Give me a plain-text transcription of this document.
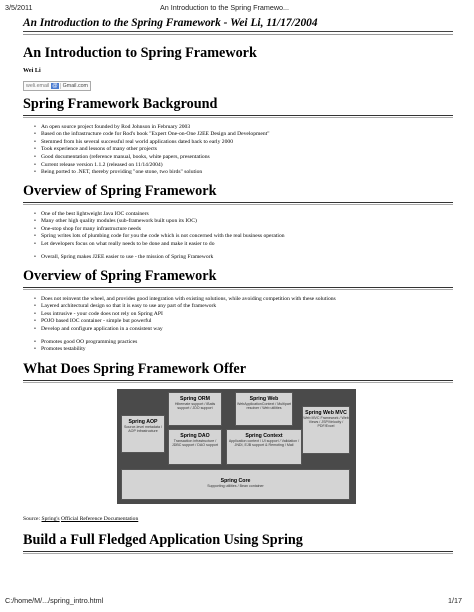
3/5/2011	An Introduction to the Spring Framewo...
An Introduction to the Spring Framework - Wei Li, 11/17/2004
An Introduction to Spring Framework
Wei Li
weli.email @ Gmail.com
Spring Framework Background
• An open source project founded by Rod Johnson in February 2003
• Based on the infrastructure code for Rod's book "Expert One-on-One J2EE Design and Development"
• Stemmed from his several successful real world applications dated back to early 2000
• Took experience and lessons of many other projects
• Good documentation (reference manual, books, white papers, presentations
• Current release version 1.1.2 (released on 11/14/2004)
• Being ported to .NET, thereby providing "one stone, two birds" solution
Overview of Spring Framework
• One of the best lightweight Java IOC containers
• Many other high quality modules (sub-framework built upon its IOC)
• One-stop shop for many infrastructure needs
• Spring writes lots of plumbing code for you the code which is not concerned with the real business operation
• Let developers focus on what really needs to be done and make it easier to do
• Overall, Spring makes J2EE easier to use - the mission of Spring Framework
Overview of Spring Framework
• Does not reinvent the wheel, and provides good integration with existing solutions, while avoiding competition with these solutions
• Layered architectural design so that it is easy to use any part of the framework
• Less intrusive - your code does not rely on Spring API
• POJO based IOC container - simple but powerful
• Develop and configure application in a consistent way
• Promotes good OO programming practices
• Promotes testability
What Does Spring Framework Offer
Spring AOP
Source-level metadata / AOP infrastructure
Spring ORM
Hibernate support / iBatis support / JDO support
Spring DAO
Transaction infrastructure / JDBC support / DAO support
Spring Web
WebApplicationContext / Multipart resolver / Web utilities
Spring Context
Application context / UI support / Validation / JNDI, EJB support & Remoting / Mail
Spring Web MVC
Web MVC Framework / Web Views / JSP/Velocity / PDF/Excel
Spring Core
Supporting utilities / Bean container
Source: Spring's Official Reference Documentation
Build a Full Fledged Application Using Spring
C:/home/M/.../spring_intro.html	1/17
